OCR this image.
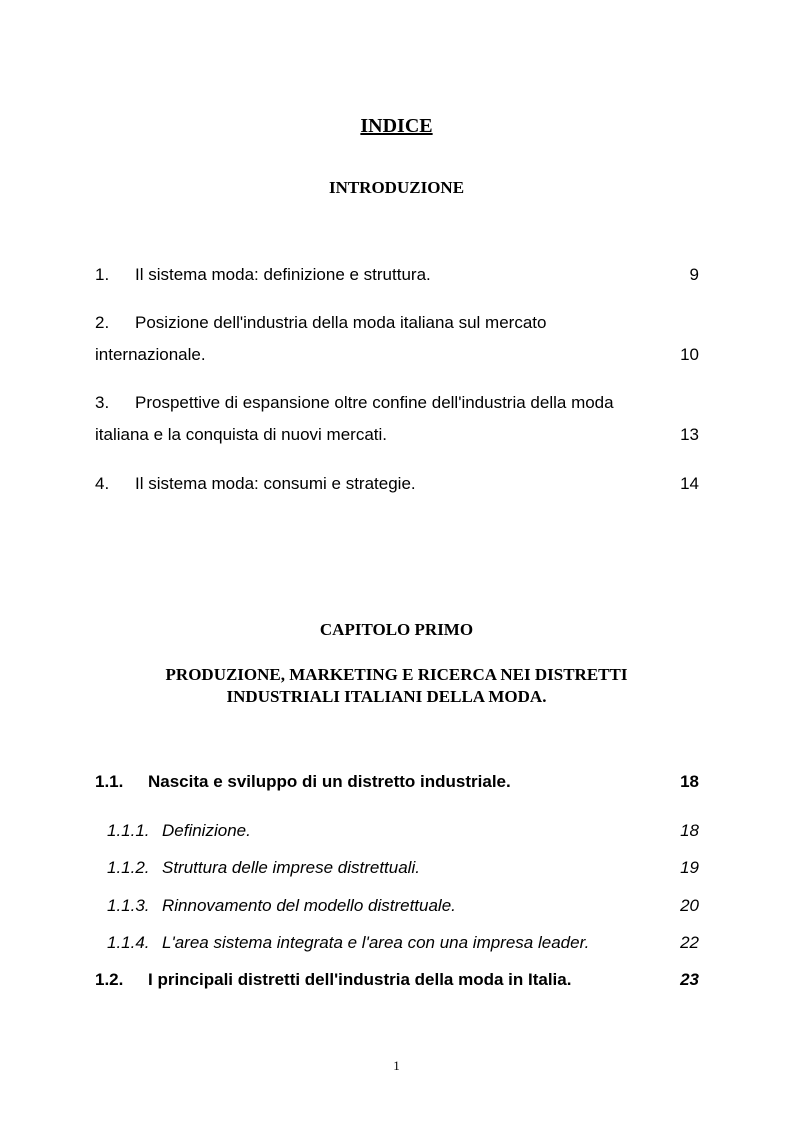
INDICE
INTRODUZIONE
1. Il sistema moda: definizione e struttura.	9
2. Posizione dell'industria della moda italiana sul mercato
internazionale.	10
3. Prospettive di espansione oltre confine dell'industria della moda
italiana e la conquista di nuovi mercati.	13
4. Il sistema moda: consumi e strategie.	14
CAPITOLO PRIMO
PRODUZIONE, MARKETING E RICERCA NEI DISTRETTI
INDUSTRIALI ITALIANI DELLA MODA.
1.1. Nascita e sviluppo di un distretto industriale.	18
1.1.1. Definizione.	18
1.1.2. Struttura delle imprese distrettuali.	19
1.1.3. Rinnovamento del modello distrettuale.	20
1.1.4. L'area sistema integrata e l'area con una impresa leader.	22
1.2. I principali distretti dell'industria della moda in Italia.	23
1
